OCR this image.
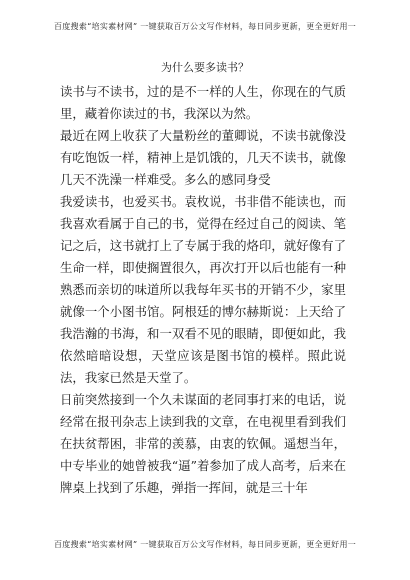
百度搜索“培实素材网” 一键获取百万公文写作材料，每日同步更新，更全更好用一
为什么要多读书？

读书与不读书，过的是不一样的人生，你现在的气质里，藏着你读过的书，我深以为然。

最近在网上收获了大量粉丝的董卿说，不读书就像没有吃饱饭一样，精神上是饥饿的，几天不读书，就像几天不洗澡一样难受。多么的感同身受

我爱读书，也爱买书。袁枚说，书非借不能读也，而我喜欢看属于自己的书，觉得在经过自己的阅读、笔记之后，这书就打上了专属于我的烙印，就好像有了生命一样，即使搁置很久，再次打开以后也能有一种熟悉而亲切的味道所以我每年买书的开销不少，家里就像一个小图书馆。阿根廷的博尔赫斯说：上天给了我浩瀚的书海，和一双看不见的眼睛，即便如此，我依然暗暗设想，天堂应该是图书馆的模样。照此说法，我家已然是天堂了。

日前突然接到一个久未谋面的老同事打来的电话，说经常在报刊杂志上读到我的文章，在电视里看到我们在扶贫帮困，非常的羡慕，由衷的钦佩。遥想当年，中专毕业的她曾被我“逼”着参加了成人高考，后来在牌桌上找到了乐趣，弹指一挥间，就是三十年

百度搜索“培实素材网” 一键获取百万公文写作材料，每日同步更新，更全更好用一
